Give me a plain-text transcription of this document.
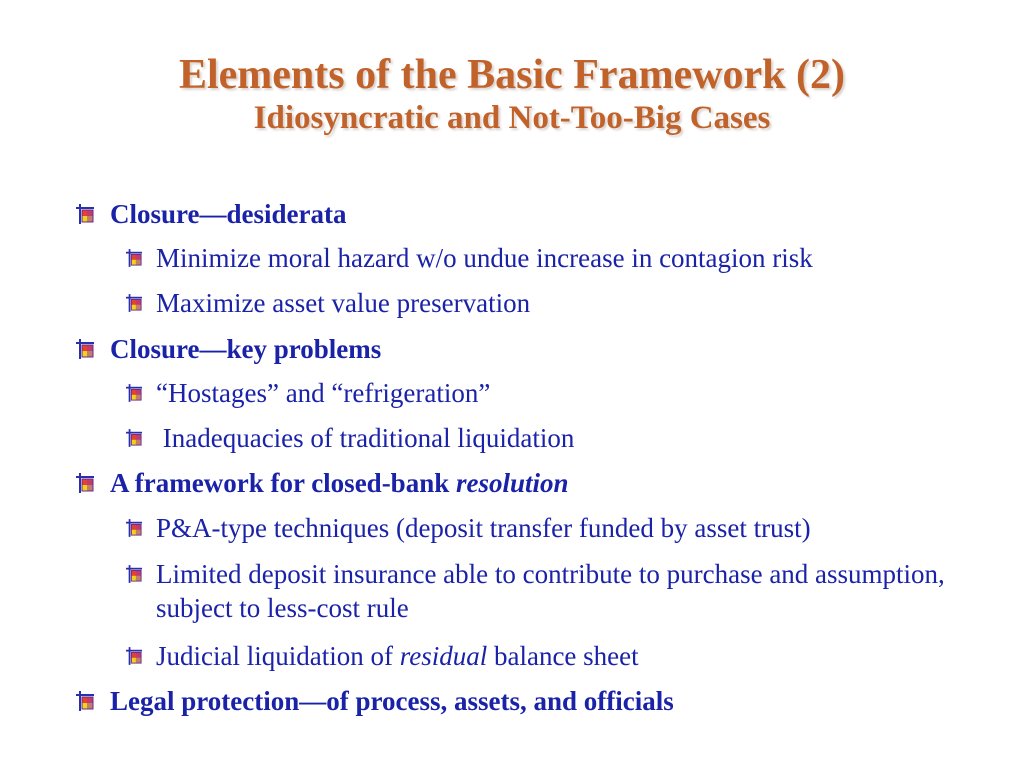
Elements of the Basic Framework (2)
Idiosyncratic and Not-Too-Big Cases
Closure—desiderata
Minimize moral hazard w/o undue increase in contagion risk
Maximize asset value preservation
Closure—key problems
“Hostages” and “refrigeration”
Inadequacies of traditional liquidation
A framework for closed-bank resolution
P&A-type techniques (deposit transfer funded by asset trust)
Limited deposit insurance able to contribute to purchase and assumption, subject to less-cost rule
Judicial liquidation of residual balance sheet
Legal protection—of process, assets, and officials
